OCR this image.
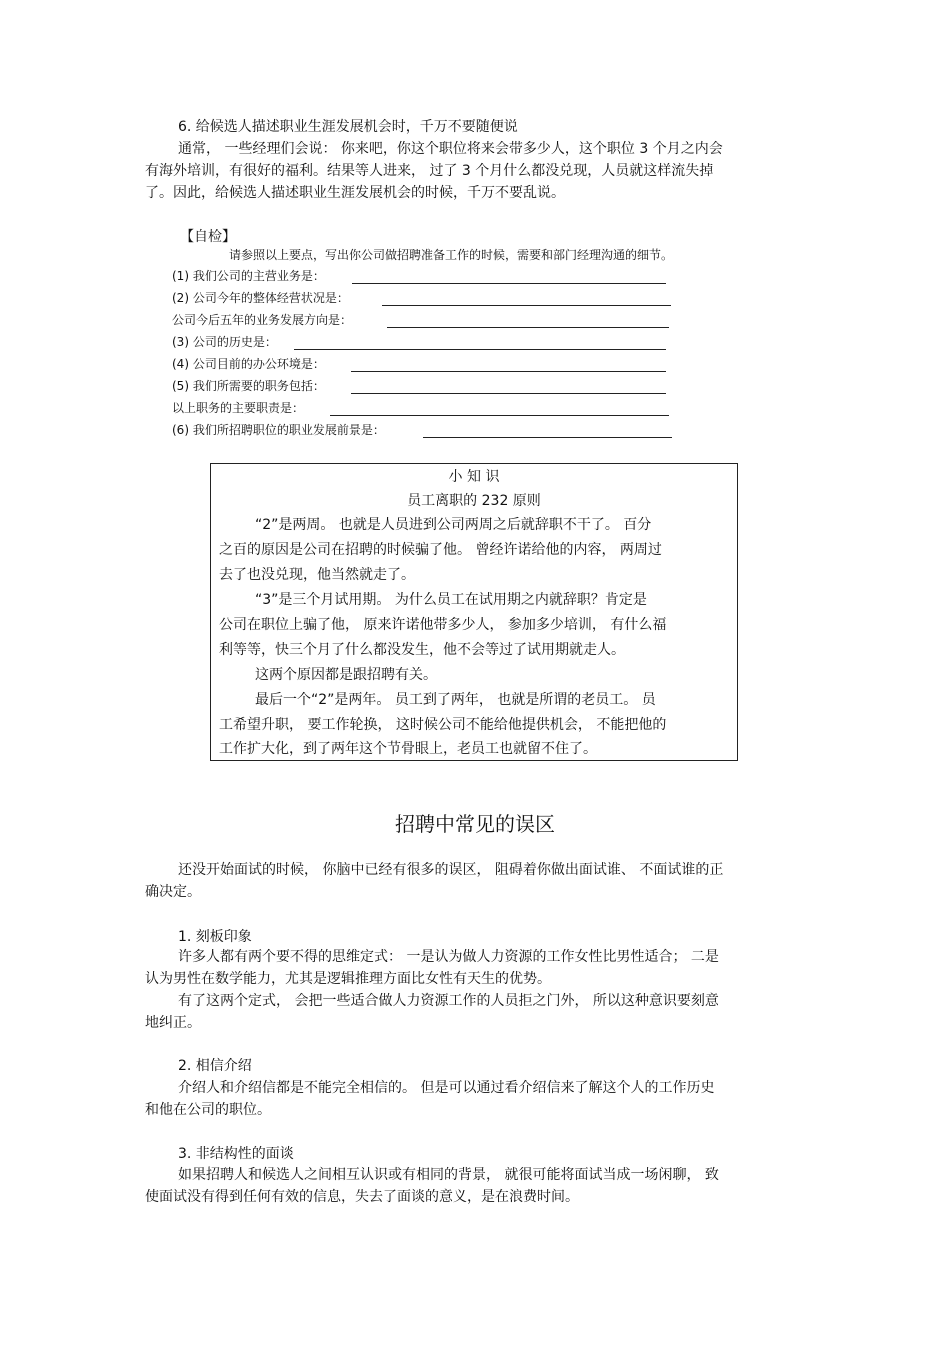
6. 给候选人描述职业生涯发展机会时，千万不要随便说
通常， 一些经理们会说： 你来吧，你这个职位将来会带多少人，这个职位 3 个月之内会
有海外培训，有很好的福利。结果等人进来， 过了 3 个月什么都没兑现，人员就这样流失掉
了。因此，给候选人描述职业生涯发展机会的时候，千万不要乱说。
【自检】
请参照以上要点，写出你公司做招聘准备工作的时候，需要和部门经理沟通的细节。
(1) 我们公司的主营业务是：
(2) 公司今年的整体经营状况是：
公司今后五年的业务发展方向是：
(3) 公司的历史是：
(4) 公司目前的办公环境是：
(5) 我们所需要的职务包括：
以上职务的主要职责是：
(6) 我们所招聘职位的职业发展前景是：
小 知 识
员工离职的 232 原则
“2”是两周。 也就是人员进到公司两周之后就辞职不干了。 百分
之百的原因是公司在招聘的时候骗了他。 曾经许诺给他的内容， 两周过
去了也没兑现，他当然就走了。
“3”是三个月试用期。 为什么员工在试用期之内就辞职？肯定是
公司在职位上骗了他， 原来许诺他带多少人， 参加多少培训， 有什么福
利等等，快三个月了什么都没发生，他不会等过了试用期就走人。
这两个原因都是跟招聘有关。
最后一个“2”是两年。 员工到了两年， 也就是所谓的老员工。 员
工希望升职， 要工作轮换， 这时候公司不能给他提供机会， 不能把他的
工作扩大化，到了两年这个节骨眼上，老员工也就留不住了。
招聘中常见的误区
还没开始面试的时候， 你脑中已经有很多的误区， 阻碍着你做出面试谁、 不面试谁的正
确决定。
1. 刻板印象
许多人都有两个要不得的思维定式： 一是认为做人力资源的工作女性比男性适合； 二是
认为男性在数学能力，尤其是逻辑推理方面比女性有天生的优势。
有了这两个定式， 会把一些适合做人力资源工作的人员拒之门外， 所以这种意识要刻意
地纠正。
2. 相信介绍
介绍人和介绍信都是不能完全相信的。 但是可以通过看介绍信来了解这个人的工作历史
和他在公司的职位。
3. 非结构性的面谈
如果招聘人和候选人之间相互认识或有相同的背景， 就很可能将面试当成一场闲聊， 致
使面试没有得到任何有效的信息，失去了面谈的意义，是在浪费时间。
